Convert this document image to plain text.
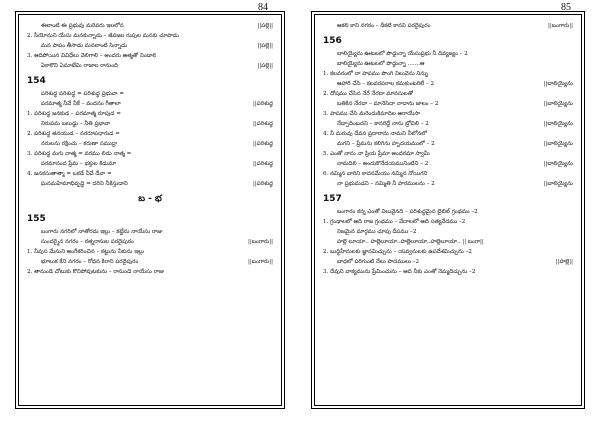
84	85
ఈలాంటి ఈ ప్రభువు మరెవరు ఇలలోన	||పల్లె||
2. సీయోనుని యేసు మనకున్నాడు – జీవజల రుపుల మనకు చూపాడు
మన పాపం తీసాడు మనలాంటి సిన్నాడు	||పల్లె||
3. ఆదిపోయిన వివిధేలు వెలిగాలి – అందరు ఆత్మతో నిండాలి
ఏకాకొని ఏమాటేమి రాజాల రానుంది	||పల్లె||
154
పరిశుద్ధ పరిశుద్ధ = పరిశుద్ధ ప్రభువా =
పరమాత్మ నీవే నీకే – వందనం గీతాలా	||పరిశుద్ధ
1. పరిశుద్ధ జనకుడ – పరమాత్మ రూపుడ =
నిరుపమ బలుడ్డు – నీతి ప్రభావా	||పరిశుద్ధ
2. పరిశుద్ధ తనయుడ – నరరూపధారుడ =
నరులను రక్షించు – కరుణా సముద్రా	||పరిశుద్ధ
3. పరిశుద్ధ మగు నాత్మ = వరము లిడు నాత్మ =
పరమానంద ప్రేమ – భక్తుల కిడుమా	||పరిశుద్ధ
4. జనకసుతాత్మా = ఒకడే నీవే దేవా =
ఘనమహిమాభివృద్ధి = దరిని నీకిస్తుడాని	||పరిశుద్ధ
బ - భ
155
బంగారు నగరిలో నాతోరదు ఇల్లు – కట్టేను నాయేసు రాజు
సుందర్మైన నగరం – రత్నరాసుల పరదైపురం	||బంగారు||
1. నీవుస మేసుని అంగీకరించిన – కట్టును నీకును ఇల్లు
భూలుక కేని నగరం – రోధన కిరాని పరదైపురం	||బంగారు||
2. తానుండె చోటుకు కొనిపోవుటకును – రానుండె నాయేసు రాజు
ఆకలి కాని నగరం – దీకటి కానని పరదైపురం	||బంగారు||
156
బాలియ్యైను ఊటలలో పొద్దున్నా యేసుప్రభు నీ దివ్యజ్యం – 2
బాలియ్యైను ఊటలలో పొద్దున్నా .......ఆ
1. కలవరంలో నా పాపము పొంగి నిలువెను నిన్ను
ఆహారి చేసి – కలవరపరాల కమకుంటరిలే – 2	||బాలియ్యైను
2. దోషము చేసిన నేరే నేరదా మానసులతో
బతికిన నేరదా – మానెసిదా నాదాను జాలం – 2	||బాలియ్యైను
3. పాపము చేసి మరెందుకిమాదిల ఆరాయేసా
నేడ్పాదింబదని – కానరిద్దే నాను బ్రోచిలి – 2	||బాలియ్యైను
4. నీ మరువు దేవన ప్రదారాను నామని నీలోనలో
మగని – ప్రేమను కలిగిను హృదయములో – 2	||బాలియ్యైను
5. ఎంతో నాను నా ప్రియ ప్రేమా అందరమా స్వామీ
నామదిలి – అందుకొనేదయమునింటిని – 2	||బాలియ్యైను
6. నమ్మిన వారిని కాదనమేయు నమ్మిన నోయిగని
నా ప్రభుమడని – నమ్మితి నీ పారములను – 2	||బాలియ్యైను
157
బంగారం కన్న ఎంతో విలువైనది – పరిశుద్ధమైన బైబిల్ గ్రంథము –2
1. గ్రంథాలలో ఆది రాజ గ్రంథము – వేదాలలో ఆది సత్యవేదము –2
నిజమైన మార్గము చూపు దీపము –2
హల్లె లూయా.. హల్లెలూయా..హల్లెలూయా..హల్లెలూయా.. || బంగా||
2. బుద్ధిహీనులకు జ్ఞానమిచ్చును – యవ్వనులకు ఉపదేశమిచ్చును –2
బాధలో పరిగుంటి నేలు పాదములు –2	||హల్లె||
3. దేవుని వాక్యమును ప్రేమించును – ఆది నీకు ఎంతో నెమ్మదిచ్చును –2
